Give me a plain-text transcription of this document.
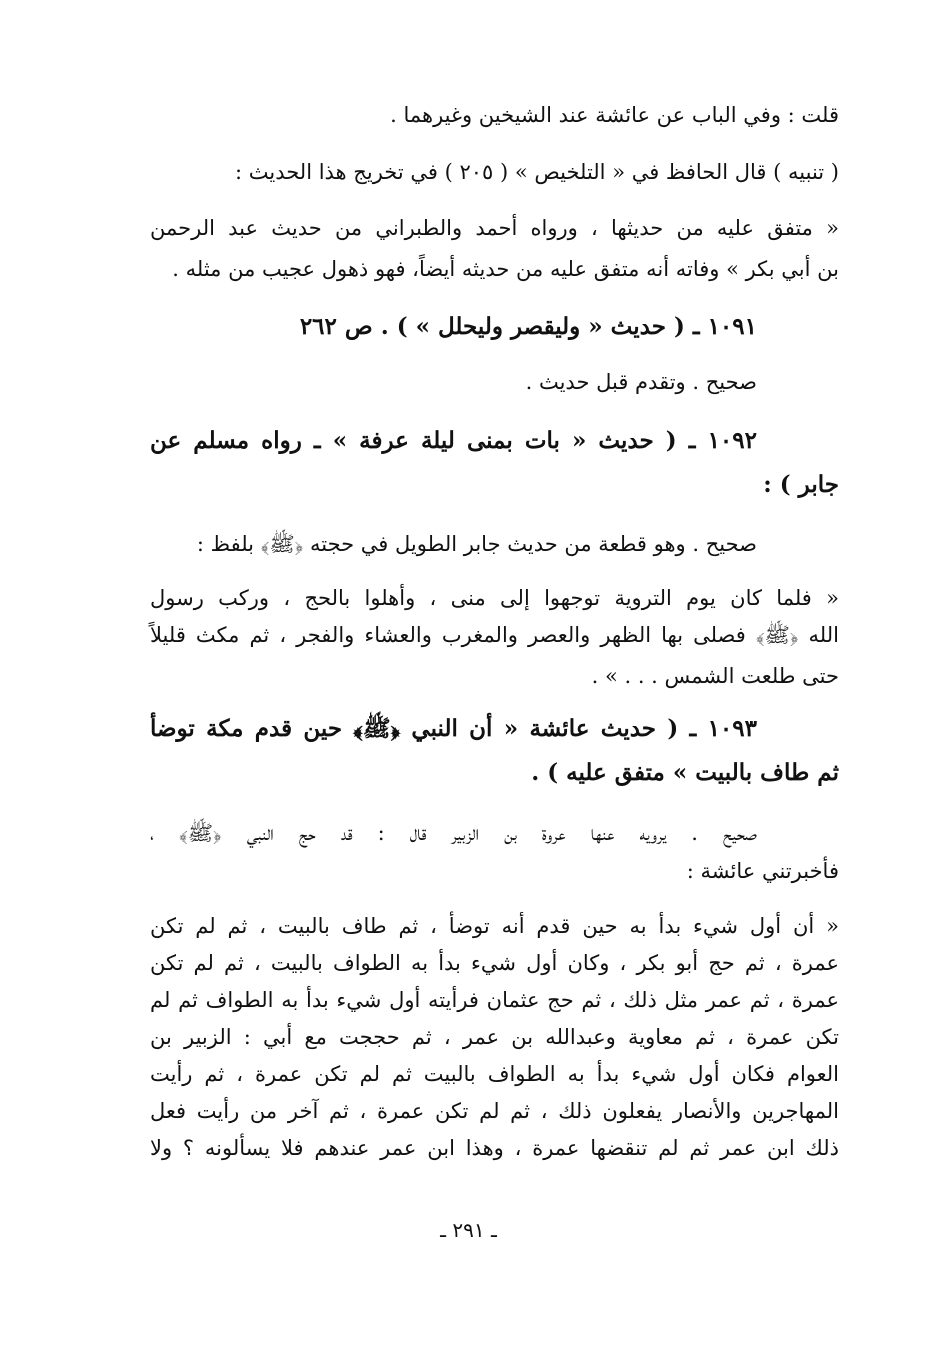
قلت : وفي الباب عن عائشة عند الشيخين وغيرهما .
( تنبيه ) قال الحافظ في « التلخيص » ( ٢٠٥ ) في تخريج هذا الحديث :
« متفق عليه من حديثها ، ورواه أحمد والطبراني من حديث عبد الرحمن
بن أبي بكر » وفاته أنه متفق عليه من حديثه أيضاً، فهو ذهول عجيب من مثله .
١٠٩١ ـ ( حديث « وليقصر وليحلل » ) . ص ٢٦٢
صحيح . وتقدم قبل حديث .
١٠٩٢ ـ ( حديث « بات بمنى ليلة عرفة » ـ رواه مسلم عن
جابر ) :
صحيح . وهو قطعة من حديث جابر الطويل في حجته ﴿ﷺ﴾ بلفظ :
« فلما كان يوم التروية توجهوا إلى منى ، وأهلوا بالحج ، وركب رسول
الله ﴿ﷺ﴾ فصلى بها الظهر والعصر والمغرب والعشاء والفجر ، ثم مكث قليلاً
حتى طلعت الشمس . . . » .
١٠٩٣ ـ ( حديث عائشة « أن النبي ﴿ﷺ﴾ حين قدم مكة توضأ
ثم طاف بالبيت » متفق عليه ) .
صحيح . يرويه عنها عروة بن الزبير قال : قد حج النبي ﴿ﷺ﴾ ،
فأخبرتني عائشة :
« أن أول شيء بدأ به حين قدم أنه توضأ ، ثم طاف بالبيت ، ثم لم تكن
عمرة ، ثم حج أبو بكر ، وكان أول شيء بدأ به الطواف بالبيت ، ثم لم تكن
عمرة ، ثم عمر مثل ذلك ، ثم حج عثمان فرأيته أول شيء بدأ به الطواف ثم لم
تكن عمرة ، ثم معاوية وعبدالله بن عمر ، ثم حججت مع أبي : الزبير بن
العوام فكان أول شيء بدأ به الطواف بالبيت ثم لم تكن عمرة ، ثم رأيت
المهاجرين والأنصار يفعلون ذلك ، ثم لم تكن عمرة ، ثم آخر من رأيت فعل
ذلك ابن عمر ثم لم تنقضها عمرة ، وهذا ابن عمر عندهم فلا يسألونه ؟ ولا
ـ ٢٩١ ـ
